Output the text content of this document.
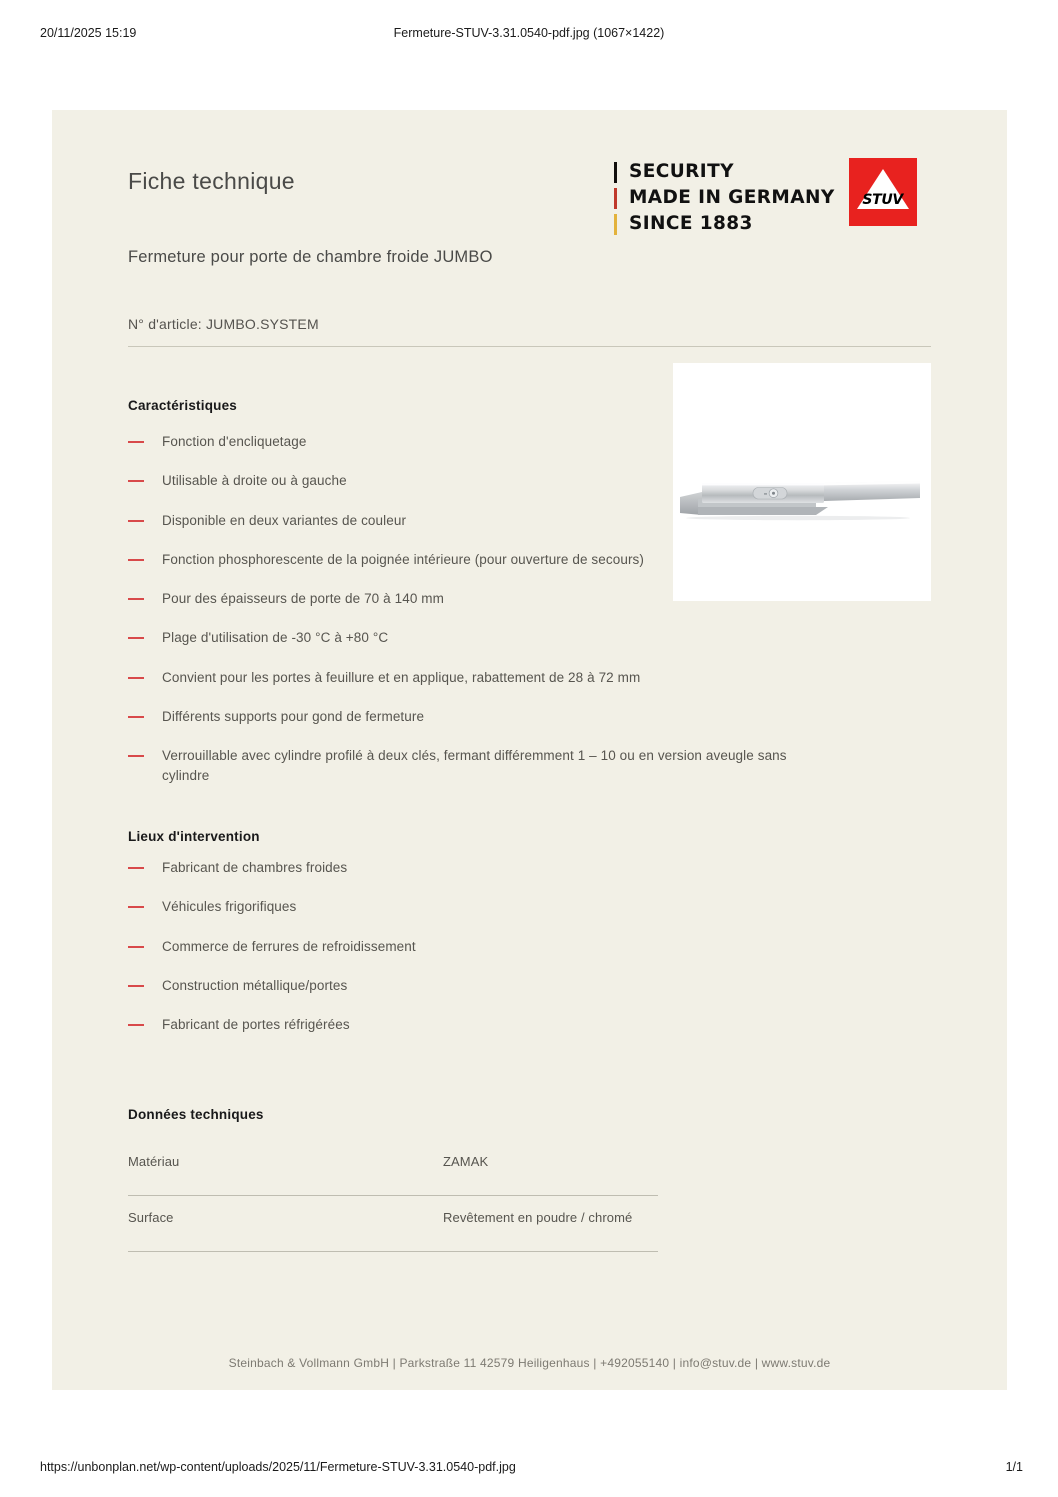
20/11/2025 15:19	Fermeture-STUV-3.31.0540-pdf.jpg (1067×1422)
Fiche technique	SECURITY
MADE IN GERMANY
SINCE 1883
STUV
Fermeture pour porte de chambre froide JUMBO
N° d'article: JUMBO.SYSTEM
Caractéristiques
Fonction d'encliquetage
Utilisable à droite ou à gauche
Disponible en deux variantes de couleur
Fonction phosphorescente de la poignée intérieure (pour ouverture de secours)
Pour des épaisseurs de porte de 70 à 140 mm
Plage d'utilisation de -30 °C à +80 °C
Convient pour les portes à feuillure et en applique, rabattement de 28 à 72 mm
Différents supports pour gond de fermeture
Verrouillable avec cylindre profilé à deux clés, fermant différemment 1 – 10 ou en version aveugle sans cylindre
Lieux d'intervention
Fabricant de chambres froides
Véhicules frigorifiques
Commerce de ferrures de refroidissement
Construction métallique/portes
Fabricant de portes réfrigérées
Données techniques
Matériau	ZAMAK
Surface	Revêtement en poudre / chromé
Steinbach & Vollmann GmbH | Parkstraße 11 42579 Heiligenhaus | +492055140 | info@stuv.de | www.stuv.de
https://unbonplan.net/wp-content/uploads/2025/11/Fermeture-STUV-3.31.0540-pdf.jpg	1/1
